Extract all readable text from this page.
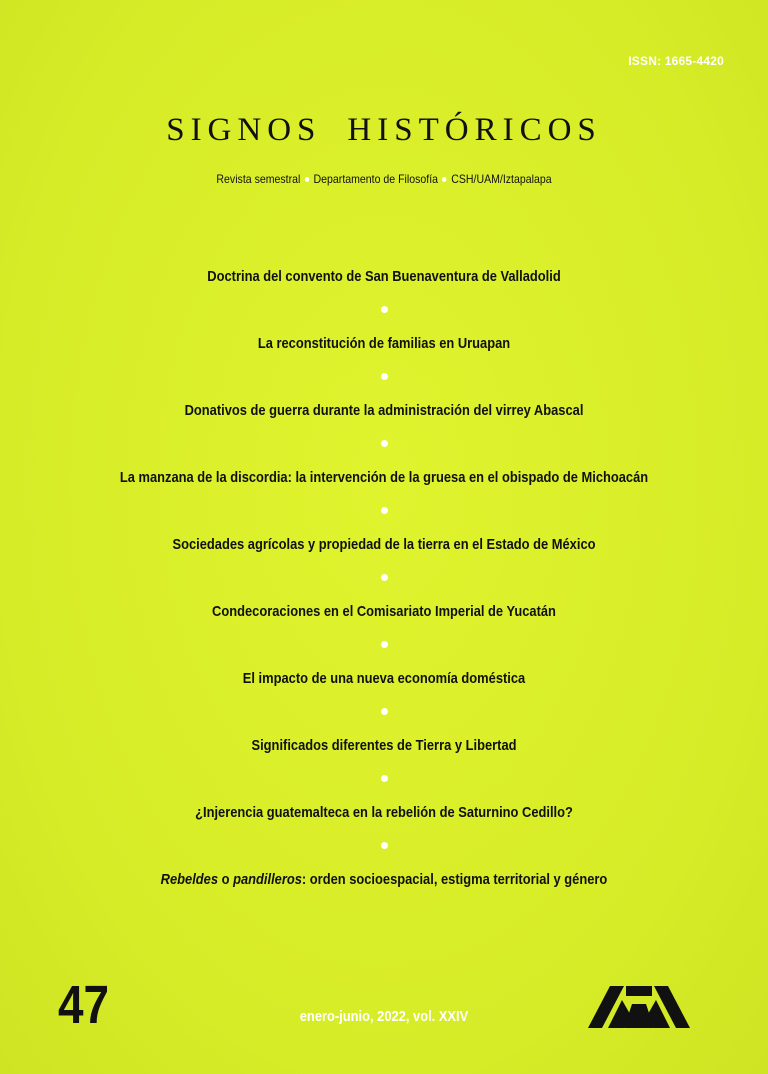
ISSN: 1665-4420
SIGNOS HISTÓRICOS
Revista semestral Departamento de Filosofía CSH/UAM/Iztapalapa
Doctrina del convento de San Buenaventura de Valladolid
La reconstitución de familias en Uruapan
Donativos de guerra durante la administración del virrey Abascal
La manzana de la discordia: la intervención de la gruesa en el obispado de Michoacán
Sociedades agrícolas y propiedad de la tierra en el Estado de México
Condecoraciones en el Comisariato Imperial de Yucatán
El impacto de una nueva economía doméstica
Significados diferentes de Tierra y Libertad
¿Injerencia guatemalteca en la rebelión de Saturnino Cedillo?
Rebeldes o pandilleros: orden socioespacial, estigma territorial y género
47	enero-junio, 2022, vol. XXIV
